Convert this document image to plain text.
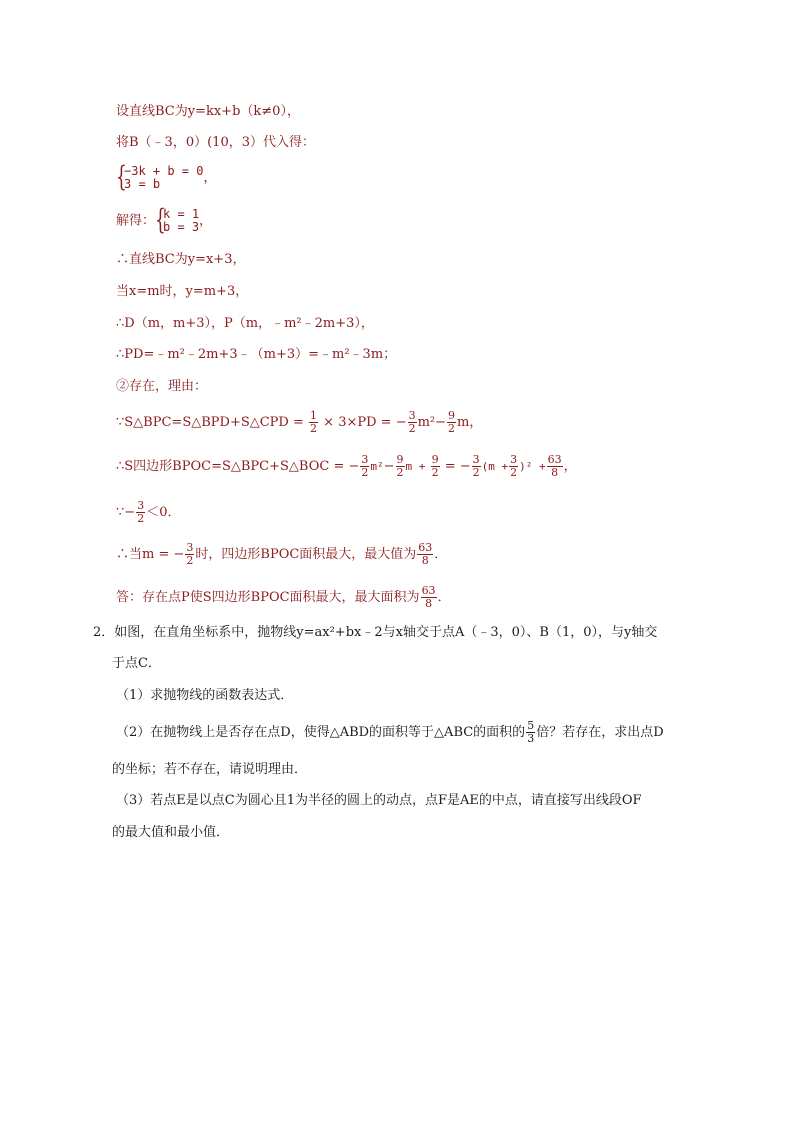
设直线BC为y=kx+b（k≠0），
将B（﹣3，0）(10，3）代入得：
{
−3k + b = 0
3 = b	，
解得： {
k = 1
b = 3 ，
∴直线BC为y=x+3，
当x=m时，y=m+3，
∴D（m，m+3），P（m，﹣m²﹣2m+3），
∴PD=﹣m²﹣2m+3﹣（m+3）=﹣m²﹣3m；
②存在，理由：
∵S△BPC=S△BPD+S△CPD = $\frac{1}{2} \times 3\times PD$ = − $\frac{3}{2} m^2- \frac{9}{2}$ m，
∴S四边形BPOC=S△BPC+S△BOC = − $\frac{3}{2} m^2- \frac{9}{2}$ $m + \frac{9}{2}$ = − $\frac{3}{2} (m + \frac{3}{2} )^2 + \frac{63}{8}$ ，
∵− $\frac{3}{2} <0$．
∴当m = − $\frac{3}{2}$ 时，四边形BPOC面积最大，最大值为 $\frac{63}{8}$ ．
答：存在点P使S四边形BPOC面积最大，最大面积为 $\frac{63}{8}$ ．
2．如图，在直角坐标系中，抛物线y=ax²+bx﹣2与x轴交于点A（﹣3，0）、B（1，0），与y轴交
于点C．
（1）求抛物线的函数表达式．
（2）在抛物线上是否存在点D，使得△ABD的面积等于△ABC的面积的 $\frac{5}{3}$ 倍？若存在，求出点D
的坐标；若不存在，请说明理由．
（3）若点E是以点C为圆心且1为半径的圆上的动点，点F是AE的中点，请直接写出线段OF
的最大值和最小值．
